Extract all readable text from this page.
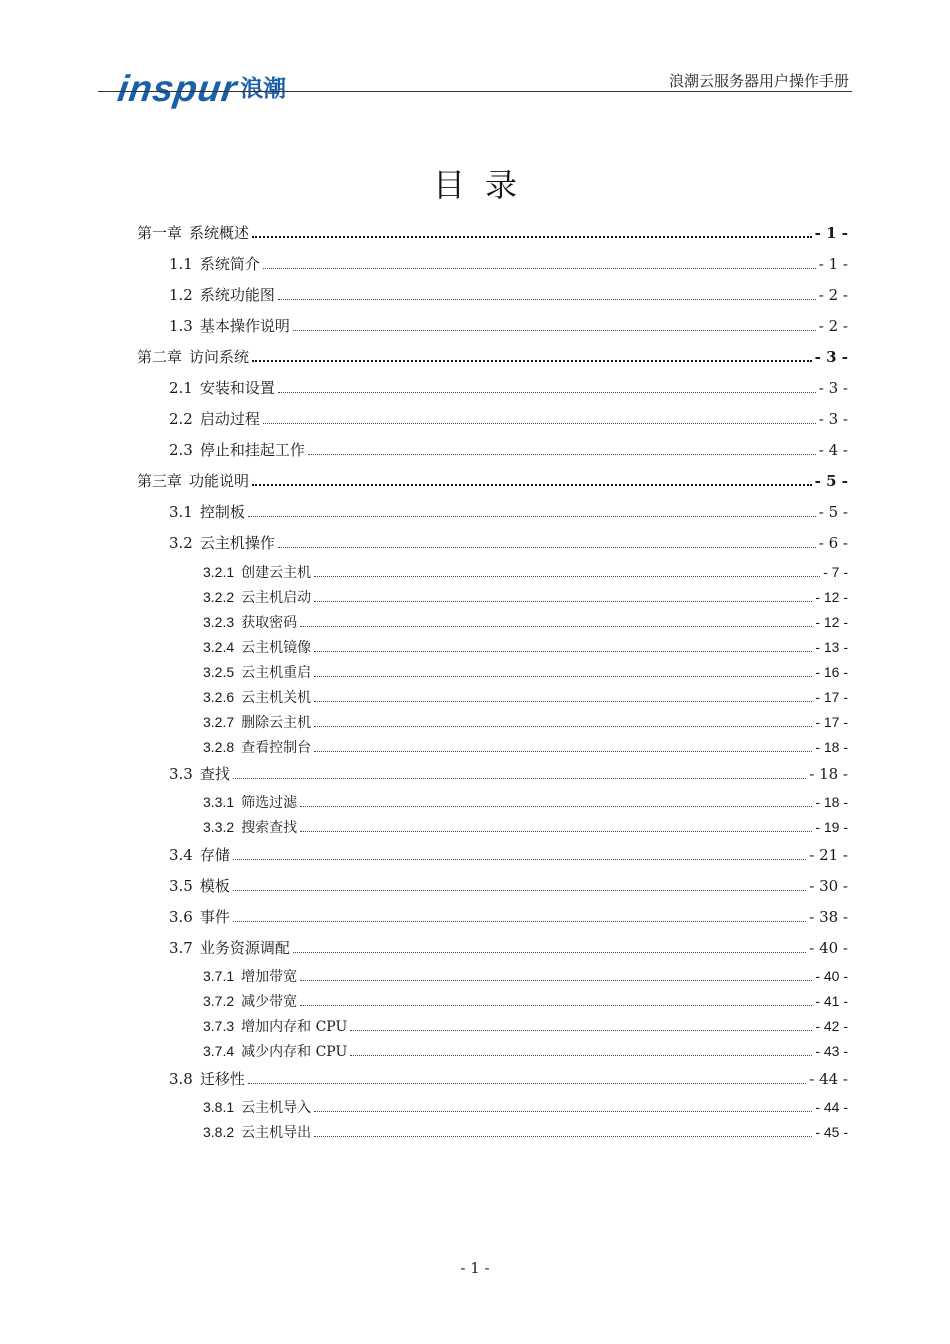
inspur 浪潮	浪潮云服务器用户操作手册
目录
第一章 系统概述	- 1 -
1.1 系统简介	- 1 -
1.2 系统功能图	- 2 -
1.3 基本操作说明	- 2 -
第二章 访问系统	- 3 -
2.1 安装和设置	- 3 -
2.2 启动过程	- 3 -
2.3 停止和挂起工作	- 4 -
第三章 功能说明	- 5 -
3.1 控制板	- 5 -
3.2 云主机操作	- 6 -
3.2.1 创建云主机	- 7 -
3.2.2 云主机启动	- 12 -
3.2.3 获取密码	- 12 -
3.2.4 云主机镜像	- 13 -
3.2.5 云主机重启	- 16 -
3.2.6 云主机关机	- 17 -
3.2.7 删除云主机	- 17 -
3.2.8 查看控制台	- 18 -
3.3 查找	- 18 -
3.3.1 筛选过滤	- 18 -
3.3.2 搜索查找	- 19 -
3.4 存储	- 21 -
3.5 模板	- 30 -
3.6 事件	- 38 -
3.7 业务资源调配	- 40 -
3.7.1 增加带宽	- 40 -
3.7.2 减少带宽	- 41 -
3.7.3 增加内存和 CPU	- 42 -
3.7.4 减少内存和 CPU	- 43 -
3.8 迁移性	- 44 -
3.8.1 云主机导入	- 44 -
3.8.2 云主机导出	- 45 -
- 1 -
